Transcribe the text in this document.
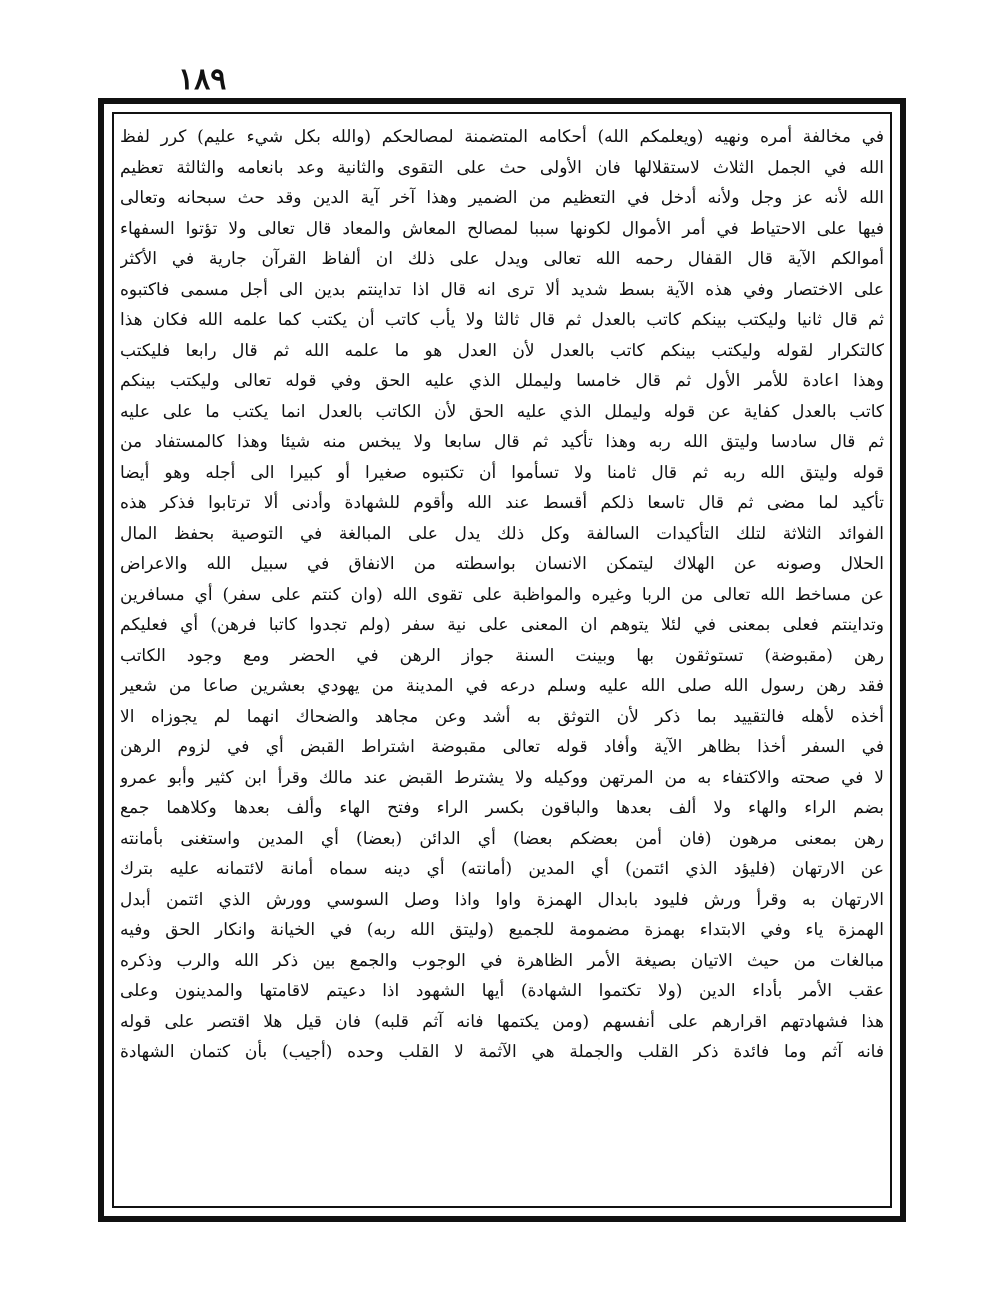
١٨٩
في مخالفة أمره ونهيه (ويعلمكم الله) أحكامه المتضمنة لمصالحكم (والله بكل شيء عليم) كرر لفظ
الله في الجمل الثلاث لاستقلالها فان الأولى حث على التقوى والثانية وعد بانعامه والثالثة تعظيم
الله لأنه عز وجل ولأنه أدخل في التعظيم من الضمير وهذا آخر آية الدين وقد حث سبحانه وتعالى
فيها على الاحتياط في أمر الأموال لكونها سببا لمصالح المعاش والمعاد قال تعالى ولا تؤتوا السفهاء
أموالكم الآية قال القفال رحمه الله تعالى ويدل على ذلك ان ألفاظ القرآن جارية في الأكثر
على الاختصار وفي هذه الآية بسط شديد ألا ترى انه قال اذا تداينتم بدين الى أجل مسمى فاكتبوه
ثم قال ثانيا وليكتب بينكم كاتب بالعدل ثم قال ثالثا ولا يأب كاتب أن يكتب كما علمه الله فكان هذا
كالتكرار لقوله وليكتب بينكم كاتب بالعدل لأن العدل هو ما علمه الله ثم قال رابعا فليكتب
وهذا اعادة للأمر الأول ثم قال خامسا وليملل الذي عليه الحق وفي قوله تعالى وليكتب بينكم
كاتب بالعدل كفاية عن قوله وليملل الذي عليه الحق لأن الكاتب بالعدل انما يكتب ما على عليه
ثم قال سادسا وليتق الله ربه وهذا تأكيد ثم قال سابعا ولا يبخس منه شيئا وهذا كالمستفاد من
قوله وليتق الله ربه ثم قال ثامنا ولا تسأموا أن تكتبوه صغيرا أو كبيرا الى أجله وهو أيضا
تأكيد لما مضى ثم قال تاسعا ذلكم أقسط عند الله وأقوم للشهادة وأدنى ألا ترتابوا فذكر هذه
الفوائد الثلاثة لتلك التأكيدات السالفة وكل ذلك يدل على المبالغة في التوصية بحفظ المال
الحلال وصونه عن الهلاك ليتمكن الانسان بواسطته من الانفاق في سبيل الله والاعراض
عن مساخط الله تعالى من الربا وغيره والمواظبة على تقوى الله (وان كنتم على سفر) أي مسافرين
وتداينتم فعلى بمعنى في لئلا يتوهم ان المعنى على نية سفر (ولم تجدوا كاتبا فرهن) أي فعليكم
رهن (مقبوضة) تستوثقون بها وبينت السنة جواز الرهن في الحضر ومع وجود الكاتب
فقد رهن رسول الله صلى الله عليه وسلم درعه في المدينة من يهودي بعشرين صاعا من شعير
أخذه لأهله فالتقييد بما ذكر لأن التوثق به أشد وعن مجاهد والضحاك انهما لم يجوزاه الا
في السفر أخذا بظاهر الآية وأفاد قوله تعالى مقبوضة اشتراط القبض أي في لزوم الرهن
لا في صحته والاكتفاء به من المرتهن ووكيله ولا يشترط القبض عند مالك وقرأ ابن كثير وأبو عمرو
بضم الراء والهاء ولا ألف بعدها والباقون بكسر الراء وفتح الهاء وألف بعدها وكلاهما جمع
رهن بمعنى مرهون (فان أمن بعضكم بعضا) أي الدائن (بعضا) أي المدين واستغنى بأمانته
عن الارتهان (فليؤد الذي ائتمن) أي المدين (أمانته) أي دينه سماه أمانة لائتمانه عليه بترك
الارتهان به وقرأ ورش فليود بابدال الهمزة واوا واذا وصل السوسي وورش الذي ائتمن أبدل
الهمزة ياء وفي الابتداء بهمزة مضمومة للجميع (وليتق الله ربه) في الخيانة وانكار الحق وفيه
مبالغات من حيث الاتيان بصيغة الأمر الظاهرة في الوجوب والجمع بين ذكر الله والرب وذكره
عقب الأمر بأداء الدين (ولا تكتموا الشهادة) أيها الشهود اذا دعيتم لاقامتها والمدينون وعلى
هذا فشهادتهم اقرارهم على أنفسهم (ومن يكتمها فانه آثم قلبه) فان قيل هلا اقتصر على قوله
فانه آثم وما فائدة ذكر القلب والجملة هي الآثمة لا القلب وحده (أجيب) بأن كتمان الشهادة
